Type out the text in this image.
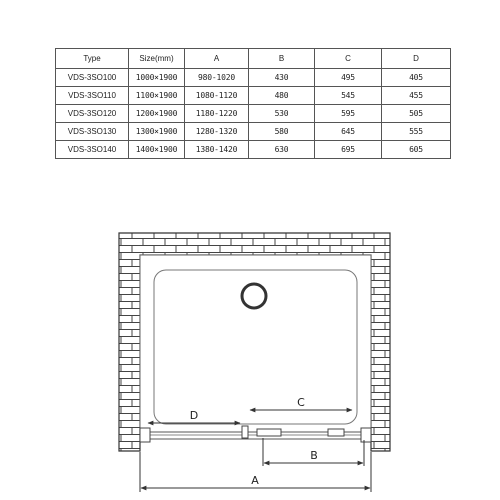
Type	Size(mm)	A	B	C	D
VDS-3SO100	1000×1900	980-1020	430	495	405
VDS-3SO110	1100×1900	1080-1120	480	545	455
VDS-3SO120	1200×1900	1180-1220	530	595	505
VDS-3SO130	1300×1900	1280-1320	580	645	555
VDS-3SO140	1400×1900	1380-1420	630	695	605
D
C
B
A
